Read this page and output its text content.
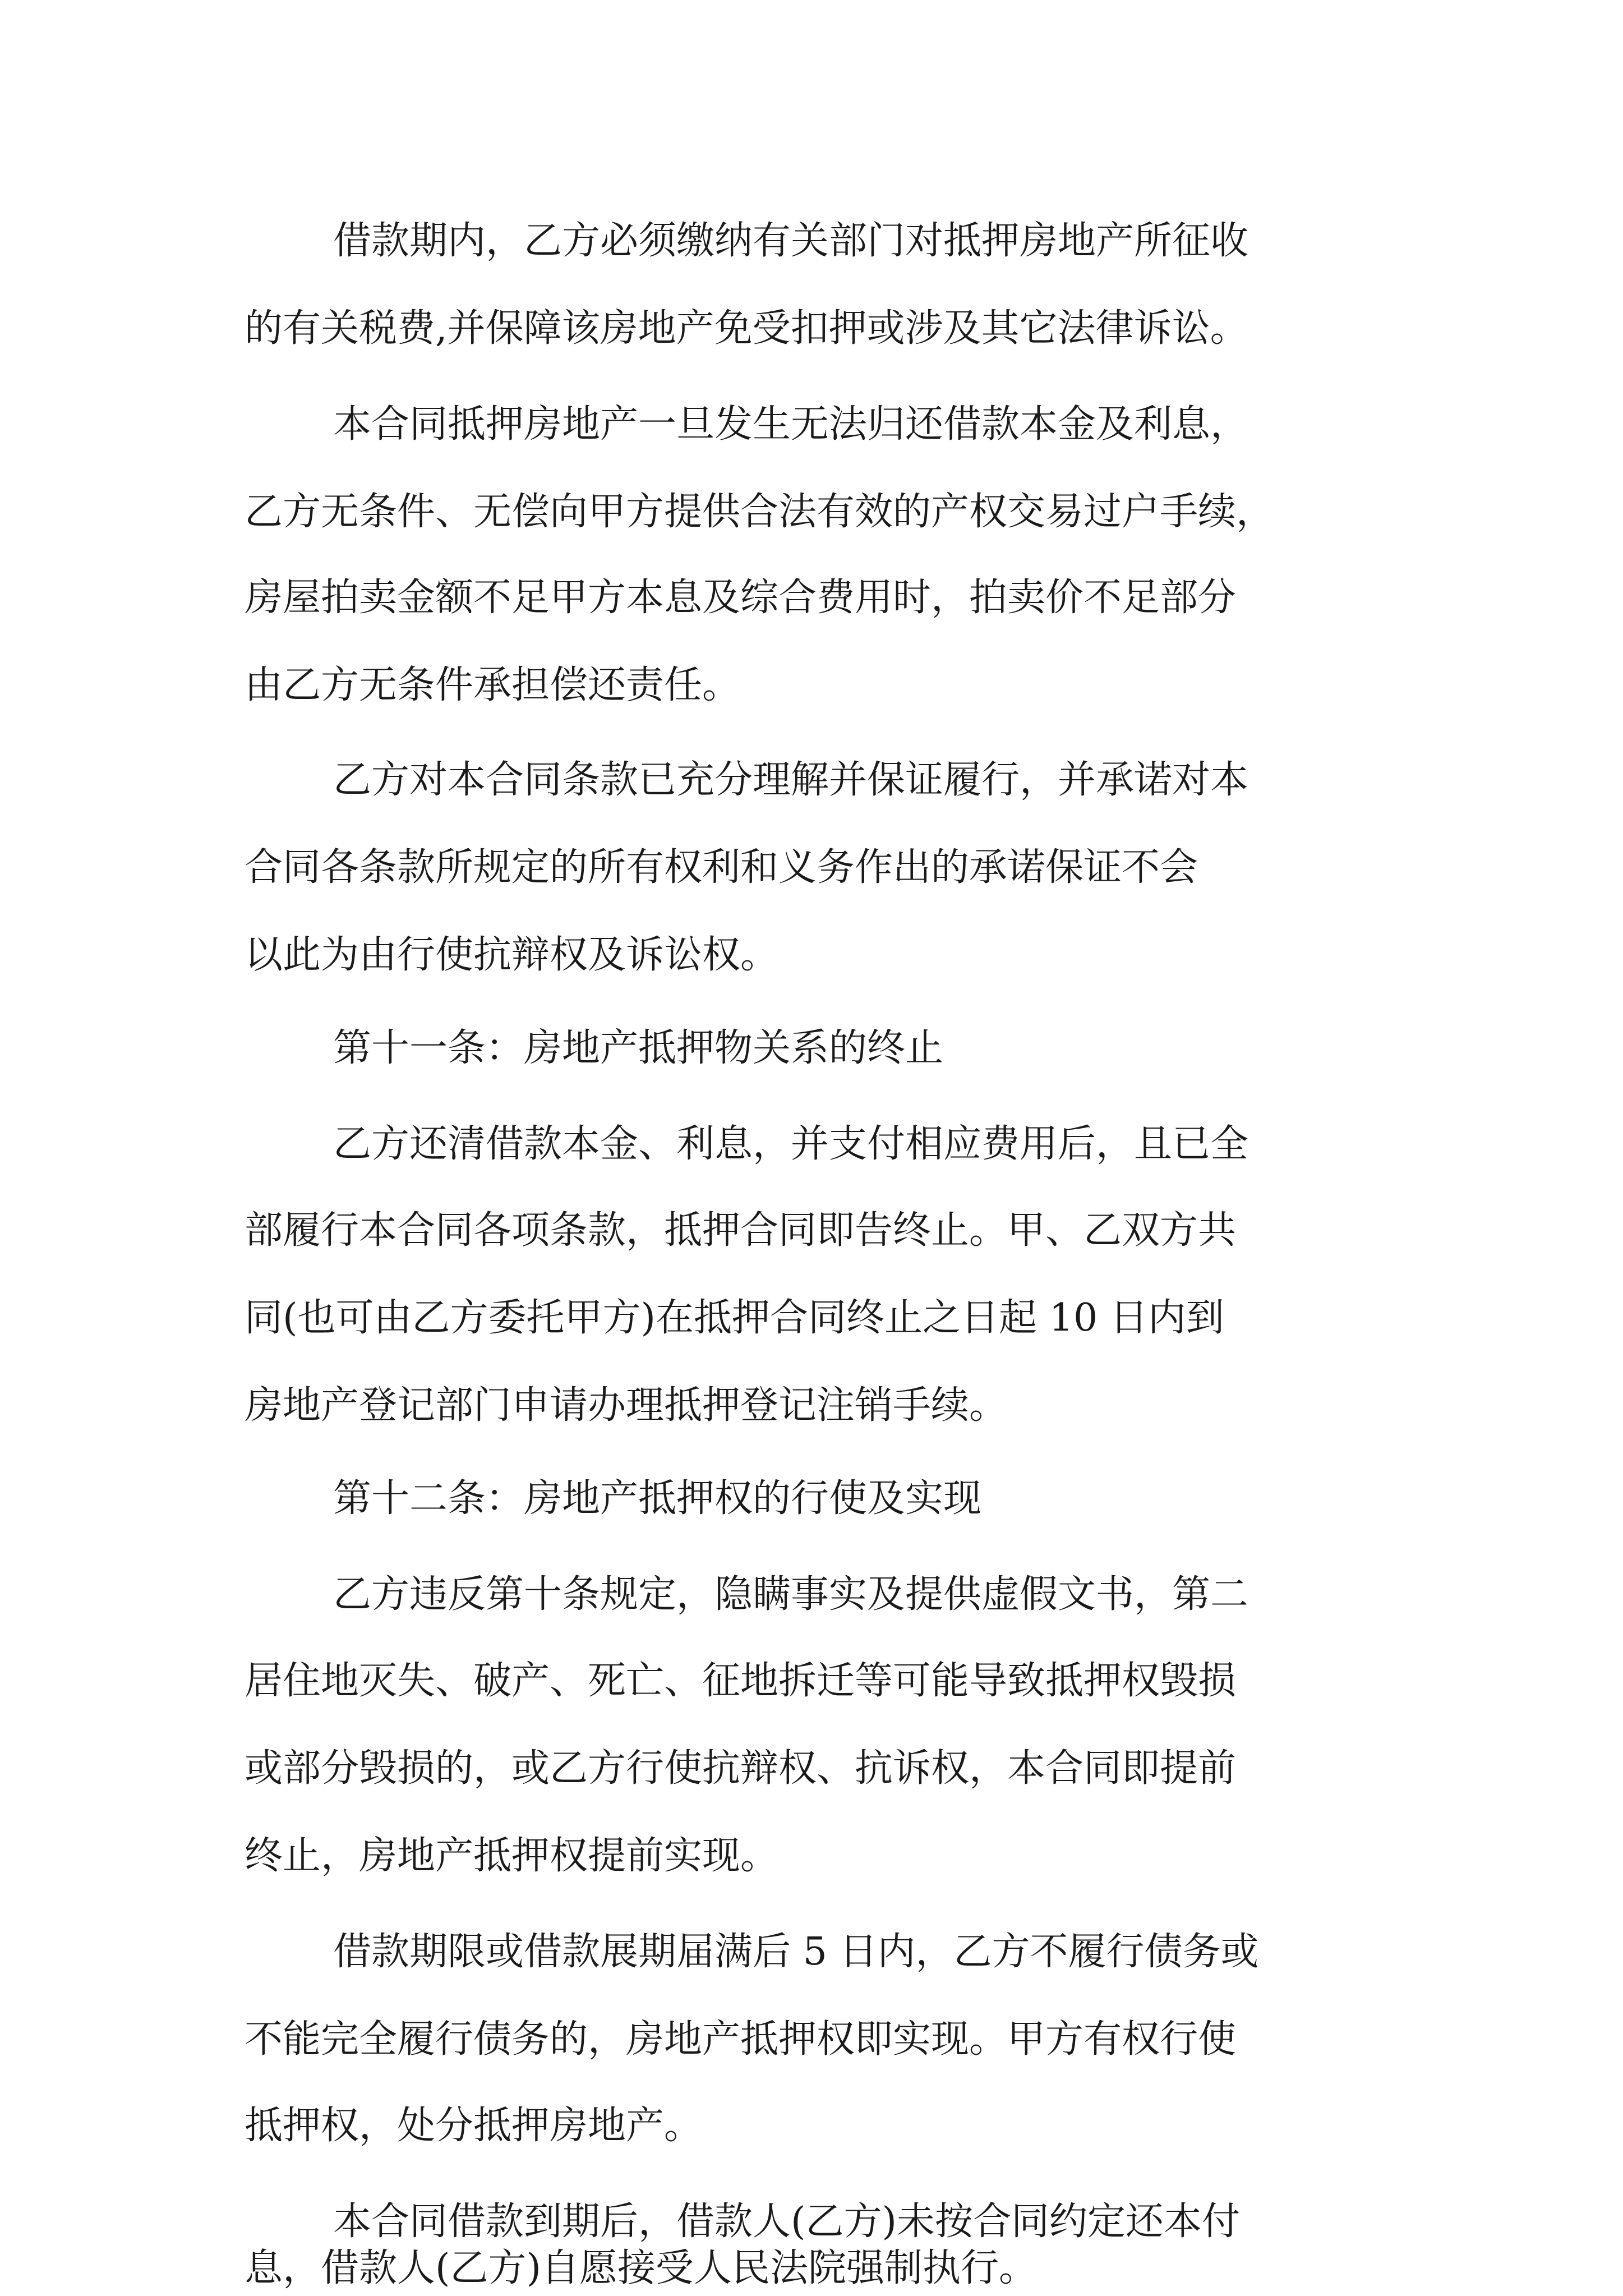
借款期内，乙方必须缴纳有关部门对抵押房地产所征收

的有关税费,并保障该房地产免受扣押或涉及其它法律诉讼。

本合同抵押房地产一旦发生无法归还借款本金及利息，

乙方无条件、无偿向甲方提供合法有效的产权交易过户手续，

房屋拍卖金额不足甲方本息及综合费用时，拍卖价不足部分

由乙方无条件承担偿还责任。

乙方对本合同条款已充分理解并保证履行，并承诺对本

合同各条款所规定的所有权利和义务作出的承诺保证不会

以此为由行使抗辩权及诉讼权。

第十一条：房地产抵押物关系的终止

乙方还清借款本金、利息，并支付相应费用后，且已全

部履行本合同各项条款，抵押合同即告终止。甲、乙双方共

同(也可由乙方委托甲方)在抵押合同终止之日起 10 日内到

房地产登记部门申请办理抵押登记注销手续。

第十二条：房地产抵押权的行使及实现

乙方违反第十条规定，隐瞒事实及提供虚假文书，第二

居住地灭失、破产、死亡、征地拆迁等可能导致抵押权毁损

或部分毁损的，或乙方行使抗辩权、抗诉权，本合同即提前

终止，房地产抵押权提前实现。

借款期限或借款展期届满后 5 日内，乙方不履行债务或

不能完全履行债务的，房地产抵押权即实现。甲方有权行使

抵押权，处分抵押房地产。

本合同借款到期后，借款人(乙方)未按合同约定还本付

息，借款人(乙方)自愿接受人民法院强制执行。
